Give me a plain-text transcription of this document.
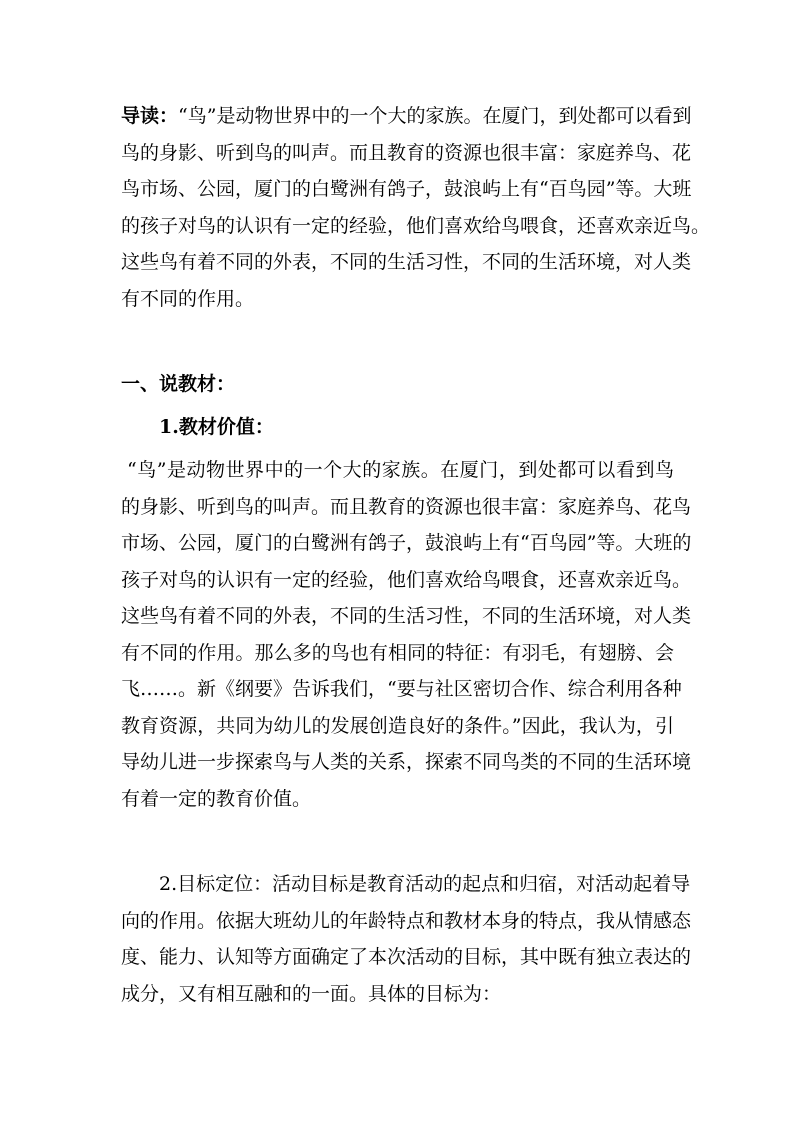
导读：“鸟”是动物世界中的一个大的家族。在厦门，到处都可以看到
鸟的身影、听到鸟的叫声。而且教育的资源也很丰富：家庭养鸟、花
鸟市场、公园，厦门的白鹭洲有鸽子，鼓浪屿上有“百鸟园”等。大班
的孩子对鸟的认识有一定的经验，他们喜欢给鸟喂食，还喜欢亲近鸟。
这些鸟有着不同的外表，不同的生活习性，不同的生活环境，对人类
有不同的作用。
一、说教材：
1.教材价值：
“鸟”是动物世界中的一个大的家族。在厦门，到处都可以看到鸟
的身影、听到鸟的叫声。而且教育的资源也很丰富：家庭养鸟、花鸟
市场、公园，厦门的白鹭洲有鸽子，鼓浪屿上有“百鸟园”等。大班的
孩子对鸟的认识有一定的经验，他们喜欢给鸟喂食，还喜欢亲近鸟。
这些鸟有着不同的外表，不同的生活习性，不同的生活环境，对人类
有不同的作用。那么多的鸟也有相同的特征：有羽毛，有翅膀、会
飞……。新《纲要》告诉我们，“要与社区密切合作、综合利用各种
教育资源，共同为幼儿的发展创造良好的条件。”因此，我认为，引
导幼儿进一步探索鸟与人类的关系，探索不同鸟类的不同的生活环境
有着一定的教育价值。
2.目标定位：活动目标是教育活动的起点和归宿，对活动起着导
向的作用。依据大班幼儿的年龄特点和教材本身的特点，我从情感态
度、能力、认知等方面确定了本次活动的目标，其中既有独立表达的
成分，又有相互融和的一面。具体的目标为：
